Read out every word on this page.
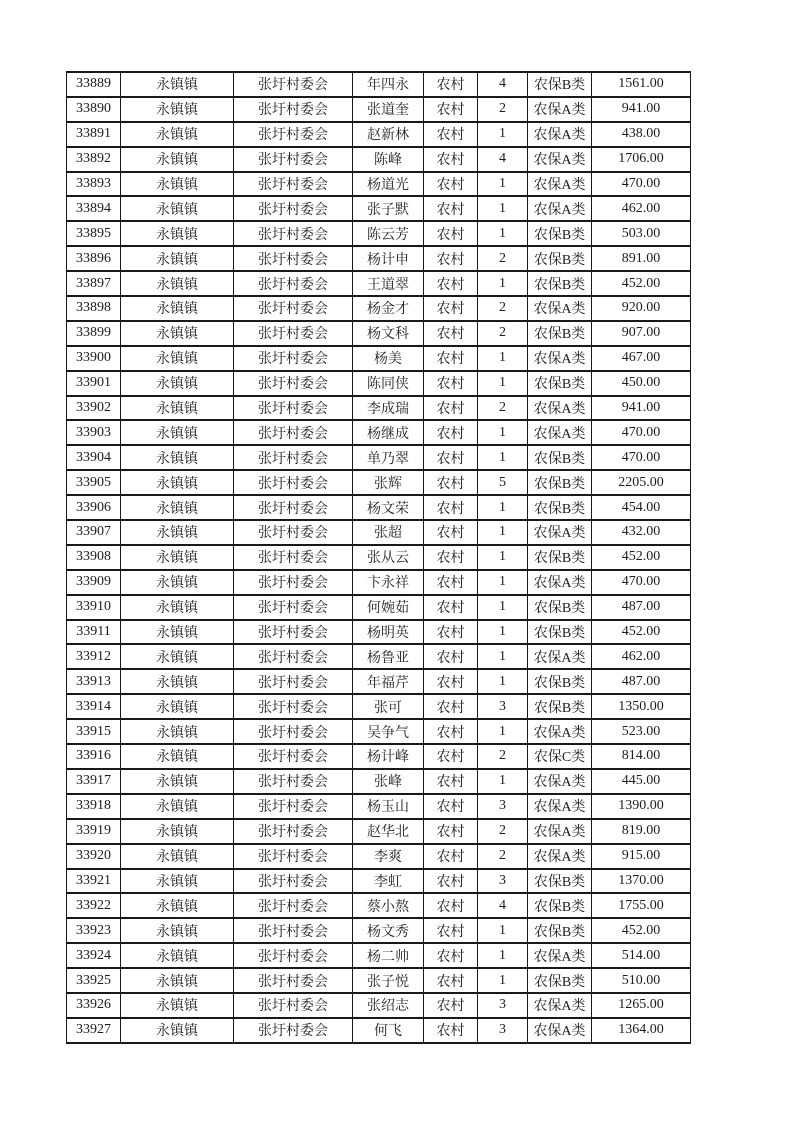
33889	永镇镇	张圩村委会	年四永	农村	4	农保B类	1561.00
33890	永镇镇	张圩村委会	张道奎	农村	2	农保A类	941.00
33891	永镇镇	张圩村委会	赵新林	农村	1	农保A类	438.00
33892	永镇镇	张圩村委会	陈峰	农村	4	农保A类	1706.00
33893	永镇镇	张圩村委会	杨道光	农村	1	农保A类	470.00
33894	永镇镇	张圩村委会	张子默	农村	1	农保A类	462.00
33895	永镇镇	张圩村委会	陈云芳	农村	1	农保B类	503.00
33896	永镇镇	张圩村委会	杨计申	农村	2	农保B类	891.00
33897	永镇镇	张圩村委会	王道翠	农村	1	农保B类	452.00
33898	永镇镇	张圩村委会	杨金才	农村	2	农保A类	920.00
33899	永镇镇	张圩村委会	杨文科	农村	2	农保B类	907.00
33900	永镇镇	张圩村委会	杨美	农村	1	农保A类	467.00
33901	永镇镇	张圩村委会	陈同侠	农村	1	农保B类	450.00
33902	永镇镇	张圩村委会	李成瑞	农村	2	农保A类	941.00
33903	永镇镇	张圩村委会	杨继成	农村	1	农保A类	470.00
33904	永镇镇	张圩村委会	单乃翠	农村	1	农保B类	470.00
33905	永镇镇	张圩村委会	张辉	农村	5	农保B类	2205.00
33906	永镇镇	张圩村委会	杨文荣	农村	1	农保B类	454.00
33907	永镇镇	张圩村委会	张超	农村	1	农保A类	432.00
33908	永镇镇	张圩村委会	张从云	农村	1	农保B类	452.00
33909	永镇镇	张圩村委会	卞永祥	农村	1	农保A类	470.00
33910	永镇镇	张圩村委会	何婉茹	农村	1	农保B类	487.00
33911	永镇镇	张圩村委会	杨明英	农村	1	农保B类	452.00
33912	永镇镇	张圩村委会	杨鲁亚	农村	1	农保A类	462.00
33913	永镇镇	张圩村委会	年福芹	农村	1	农保B类	487.00
33914	永镇镇	张圩村委会	张可	农村	3	农保B类	1350.00
33915	永镇镇	张圩村委会	吴争气	农村	1	农保A类	523.00
33916	永镇镇	张圩村委会	杨计峰	农村	2	农保C类	814.00
33917	永镇镇	张圩村委会	张峰	农村	1	农保A类	445.00
33918	永镇镇	张圩村委会	杨玉山	农村	3	农保A类	1390.00
33919	永镇镇	张圩村委会	赵华北	农村	2	农保A类	819.00
33920	永镇镇	张圩村委会	李爽	农村	2	农保A类	915.00
33921	永镇镇	张圩村委会	李虹	农村	3	农保B类	1370.00
33922	永镇镇	张圩村委会	蔡小熬	农村	4	农保B类	1755.00
33923	永镇镇	张圩村委会	杨文秀	农村	1	农保B类	452.00
33924	永镇镇	张圩村委会	杨二帅	农村	1	农保A类	514.00
33925	永镇镇	张圩村委会	张子悦	农村	1	农保B类	510.00
33926	永镇镇	张圩村委会	张绍志	农村	3	农保A类	1265.00
33927	永镇镇	张圩村委会	何飞	农村	3	农保A类	1364.00
